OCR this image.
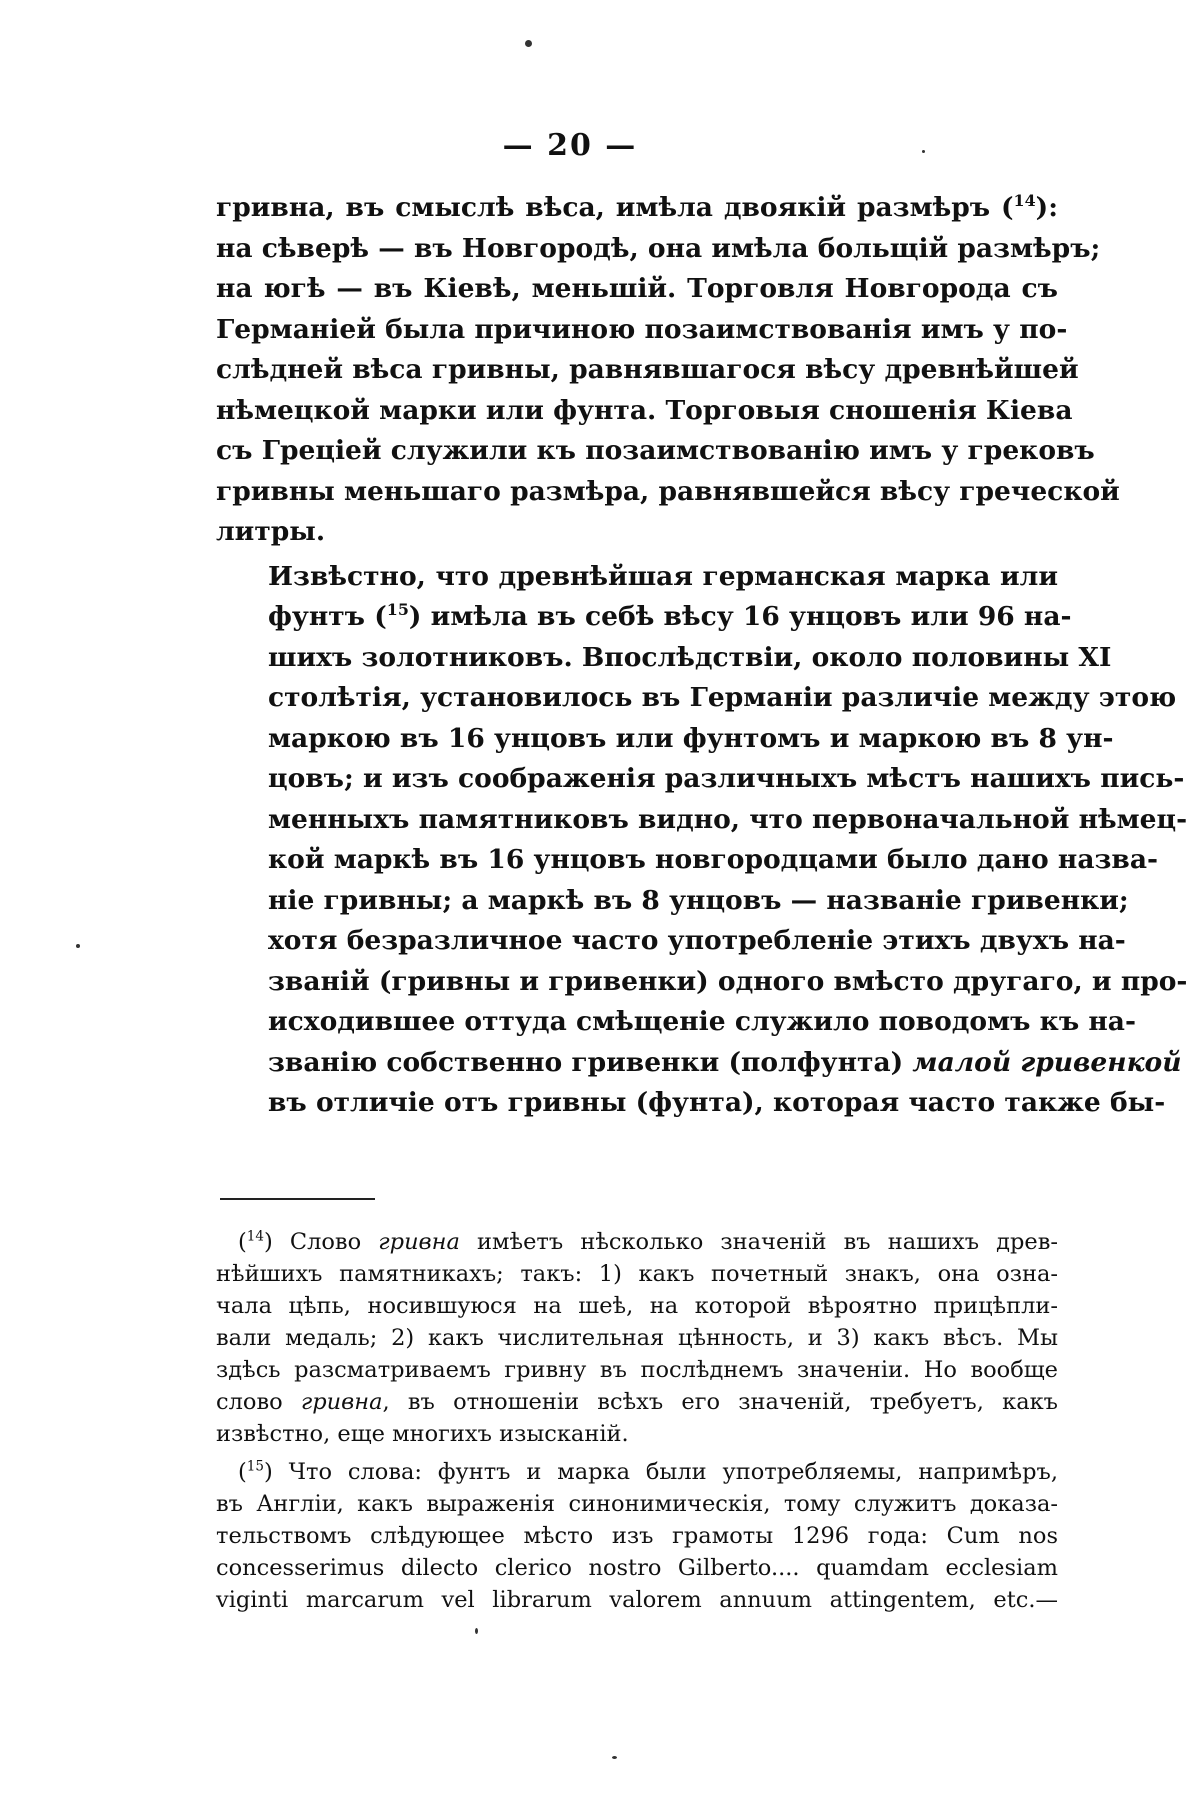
— 20 —

гривна, въ смыслѣ вѣса, имѣла двоякій размѣръ ($^{14}$):
на сѣверѣ — въ Новгородѣ, она имѣла больщій размѣръ;
на югѣ — въ Кіевѣ, меньшій. Торговля Новгорода съ
Германіей была причиною позаимствованія имъ у по-
слѣдней вѣса гривны, равнявшагося вѣсу древнѣйшей
нѣмецкой марки или фунта. Торговыя сношенія Кіева
съ Греціей служили къ позаимствованію имъ у грековъ
гривны меньшаго размѣра, равнявшейся вѣсу греческой
литры.

Извѣстно, что древнѣйшая германская марка или
фунтъ ($^{15}$) имѣла въ себѣ вѣсу 16 унцовъ или 96 на-
шихъ золотниковъ. Впослѣдствіи, около половины XI
столѣтія, установилось въ Германіи различіе между этою
маркою въ 16 унцовъ или фунтомъ и маркою въ 8 ун-
цовъ; и изъ соображенія различныхъ мѣстъ нашихъ пись-
менныхъ памятниковъ видно, что первоначальной нѣмец-
кой маркѣ въ 16 унцовъ новгородцами было дано назва-
ніе гривны; а маркѣ въ 8 унцовъ — названіе гривенки;
хотя безразличное часто употребленіе этихъ двухъ на-
званій (гривны и гривенки) одного вмѣсто другаго, и про-
исходившее оттуда смѣщеніе служило поводомъ къ на-
званію собственно гривенки (полфунта) малой гривенкой
въ отличіе отъ гривны (фунта), которая часто также бы-

($^{14}$) Слово гривна имѣетъ нѣсколько значеній въ нашихъ древ-
нѣйшихъ памятникахъ; такъ: 1) какъ почетный знакъ, она озна-
чала цѣпь, носившуюся на шеѣ, на которой вѣроятно прицѣпли-
вали медаль; 2) какъ числительная цѣнность, и 3) какъ вѣсъ. Мы
здѣсь разсматриваемъ гривну въ послѣднемъ значеніи. Но вообще
слово гривна, въ отношеніи всѣхъ его значеній, требуетъ, какъ
извѣстно, еще многихъ изысканій.
($^{15}$) Что слова: фунтъ и марка были употребляемы, напримѣръ,
въ Англіи, какъ выраженія синонимическія, тому служитъ доказа-
тельствомъ слѣдующее мѣсто изъ грамоты 1296 года: Cum nos
concesserimus dilecto clerico nostro Gilberto.... quamdam ecclesiam
viginti marcarum vel librarum valorem annuum attingentem, etc.—
